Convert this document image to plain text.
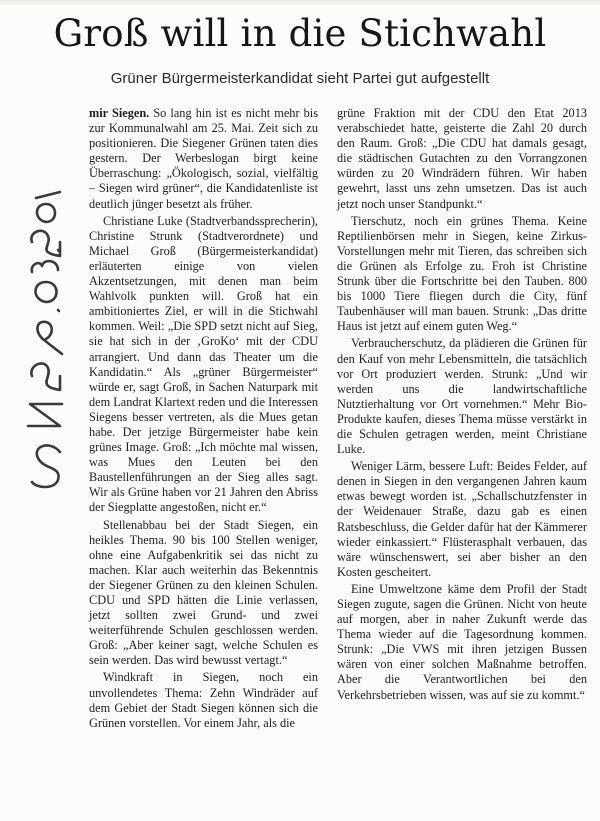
Groß will in die Stichwahl
Grüner Bürgermeisterkandidat sieht Partei gut aufgestellt

mir Siegen. So lang hin ist es nicht mehr bis zur Kommunalwahl am 25. Mai. Zeit sich zu positionieren. Die Siegener Grünen taten dies gestern. Der Werbeslogan birgt keine Überraschung: „Ökologisch, sozial, vielfältig – Siegen wird grüner“, die Kandidatenliste ist deutlich jünger besetzt als früher.

Christiane Luke (Stadtverbandssprecherin), Christine Strunk (Stadtverordnete) und Michael Groß (Bürgermeisterkandidat) erläuterten einige von vielen Akzentsetzungen, mit denen man beim Wahlvolk punkten will. Groß hat ein ambitioniertes Ziel, er will in die Stichwahl kommen. Weil: „Die SPD setzt nicht auf Sieg, sie hat sich in der ‚GroKo‘ mit der CDU arrangiert. Und dann das Theater um die Kandidatin.“ Als „grüner Bürgermeister“ würde er, sagt Groß, in Sachen Naturpark mit dem Landrat Klartext reden und die Interessen Siegens besser vertreten, als die Mues getan habe. Der jetzige Bürgermeister habe kein grünes Image. Groß: „Ich möchte mal wissen, was Mues den Leuten bei den Baustellenführungen an der Sieg alles sagt. Wir als Grüne haben vor 21 Jahren den Abriss der Siegplatte angestoßen, nicht er.“

Stellenabbau bei der Stadt Siegen, ein heikles Thema. 90 bis 100 Stellen weniger, ohne eine Aufgabenkritik sei das nicht zu machen. Klar auch weiterhin das Bekenntnis der Siegener Grünen zu den kleinen Schulen. CDU und SPD hätten die Linie verlassen, jetzt sollten zwei Grund- und zwei weiterführende Schulen geschlossen werden. Groß: „Aber keiner sagt, welche Schulen es sein werden. Das wird bewusst vertagt.“

Windkraft in Siegen, noch ein unvollendetes Thema: Zehn Windräder auf dem Gebiet der Stadt Siegen können sich die Grünen vorstellen. Vor einem Jahr, als die

grüne Fraktion mit der CDU den Etat 2013 verabschiedet hatte, geisterte die Zahl 20 durch den Raum. Groß: „Die CDU hat damals gesagt, die städtischen Gutachten zu den Vorrangzonen würden zu 20 Windrädern führen. Wir haben gewehrt, lasst uns zehn umsetzen. Das ist auch jetzt noch unser Standpunkt.“

Tierschutz, noch ein grünes Thema. Keine Reptilienbörsen mehr in Siegen, keine Zirkus-Vorstellungen mehr mit Tieren, das schreiben sich die Grünen als Erfolge zu. Froh ist Christine Strunk über die Fortschritte bei den Tauben. 800 bis 1000 Tiere fliegen durch die City, fünf Taubenhäuser will man bauen. Strunk: „Das dritte Haus ist jetzt auf einem guten Weg.“

Verbraucherschutz, da plädieren die Grünen für den Kauf von mehr Lebensmitteln, die tatsächlich vor Ort produziert werden. Strunk: „Und wir werden uns die landwirtschaftliche Nutztierhaltung vor Ort vornehmen.“ Mehr Bio-Produkte kaufen, dieses Thema müsse verstärkt in die Schulen getragen werden, meint Christiane Luke.

Weniger Lärm, bessere Luft: Beides Felder, auf denen in Siegen in den vergangenen Jahren kaum etwas bewegt worden ist. „Schallschutzfenster in der Weidenauer Straße, dazu gab es einen Ratsbeschluss, die Gelder dafür hat der Kämmerer wieder einkassiert.“ Flüsterasphalt verbauen, das wäre wünschenswert, sei aber bisher an den Kosten gescheitert.

Eine Umweltzone käme dem Profil der Stadt Siegen zugute, sagen die Grünen. Nicht von heute auf morgen, aber in naher Zukunft werde das Thema wieder auf die Tagesordnung kommen. Strunk: „Die VWS mit ihren jetzigen Bussen wären von einer solchen Maßnahme betroffen. Aber die Verantwortlichen bei den Verkehrsbetrieben wissen, was auf sie zu kommt.“
